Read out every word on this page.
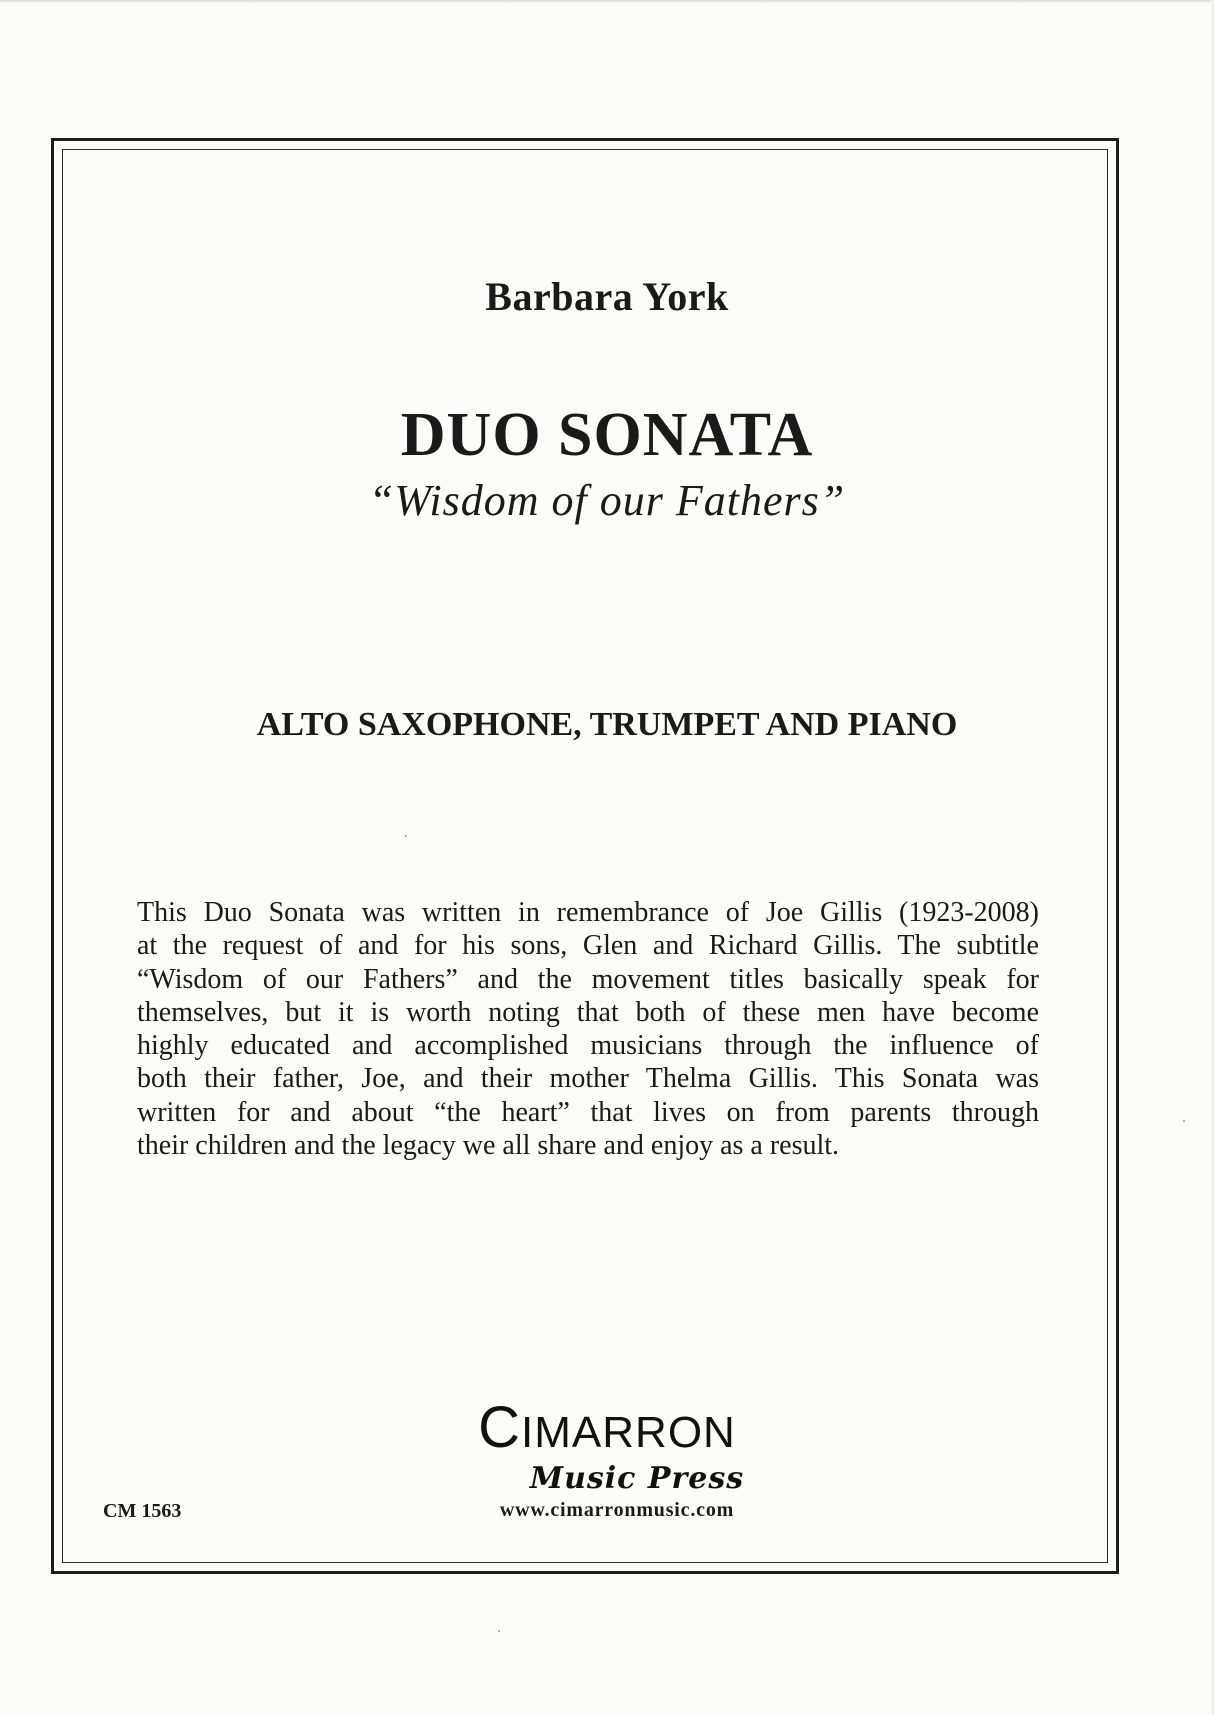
Barbara York
DUO SONATA
“Wisdom of our Fathers”
ALTO SAXOPHONE, TRUMPET AND PIANO
This Duo Sonata was written in remembrance of Joe Gillis (1923-2008)
at the request of and for his sons, Glen and Richard Gillis. The subtitle
“Wisdom of our Fathers” and the movement titles basically speak for
themselves, but it is worth noting that both of these men have become
highly educated and accomplished musicians through the influence of
both their father, Joe, and their mother Thelma Gillis. This Sonata was
written for and about “the heart” that lives on from parents through
their children and the legacy we all share and enjoy as a result.
CIMARRON
Music Press
www.cimarronmusic.com
CM 1563
